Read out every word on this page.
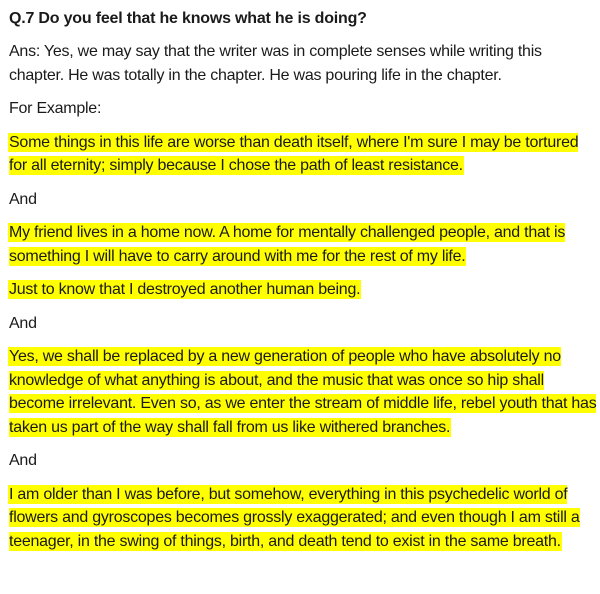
Q.7 Do you feel that he knows what he is doing?

Ans: Yes, we may say that the writer was in complete senses while writing this chapter. He was totally in the chapter. He was pouring life in the chapter.

For Example:

Some things in this life are worse than death itself, where I'm sure I may be tortured for all eternity; simply because I chose the path of least resistance.

And

My friend lives in a home now. A home for mentally challenged people, and that is something I will have to carry around with me for the rest of my life.

Just to know that I destroyed another human being.

And

Yes, we shall be replaced by a new generation of people who have absolutely no knowledge of what anything is about, and the music that was once so hip shall become irrelevant. Even so, as we enter the stream of middle life, rebel youth that has taken us part of the way shall fall from us like withered branches.

And

I am older than I was before, but somehow, everything in this psychedelic world of flowers and gyroscopes becomes grossly exaggerated; and even though I am still a teenager, in the swing of things, birth, and death tend to exist in the same breath.
